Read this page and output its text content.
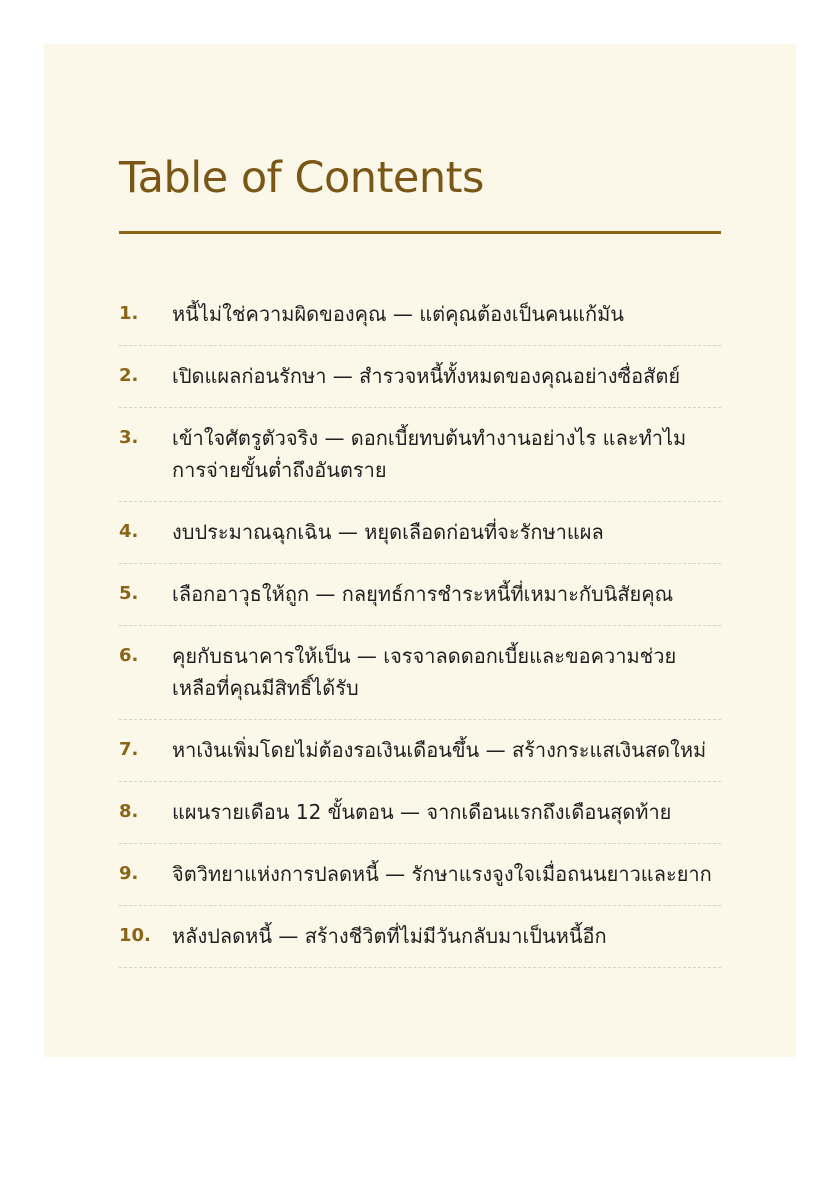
Table of Contents
1.	หนี้ไม่ใช่ความผิดของคุณ — แต่คุณต้องเป็นคนแก้มัน
2.	เปิดแผลก่อนรักษา — สำรวจหนี้ทั้งหมดของคุณอย่างซื่อสัตย์
3.	เข้าใจศัตรูตัวจริง — ดอกเบี้ยทบต้นทำงานอย่างไร และทำไม
การจ่ายขั้นต่ำถึงอันตราย
4.	งบประมาณฉุกเฉิน — หยุดเลือดก่อนที่จะรักษาแผล
5.	เลือกอาวุธให้ถูก — กลยุทธ์การชำระหนี้ที่เหมาะกับนิสัยคุณ
6.	คุยกับธนาคารให้เป็น — เจรจาลดดอกเบี้ยและขอความช่วย
เหลือที่คุณมีสิทธิ์ได้รับ
7.	หาเงินเพิ่มโดยไม่ต้องรอเงินเดือนขึ้น — สร้างกระแสเงินสดใหม่
8.	แผนรายเดือน 12 ขั้นตอน — จากเดือนแรกถึงเดือนสุดท้าย
9.	จิตวิทยาแห่งการปลดหนี้ — รักษาแรงจูงใจเมื่อถนนยาวและยาก
10.	หลังปลดหนี้ — สร้างชีวิตที่ไม่มีวันกลับมาเป็นหนี้อีก
